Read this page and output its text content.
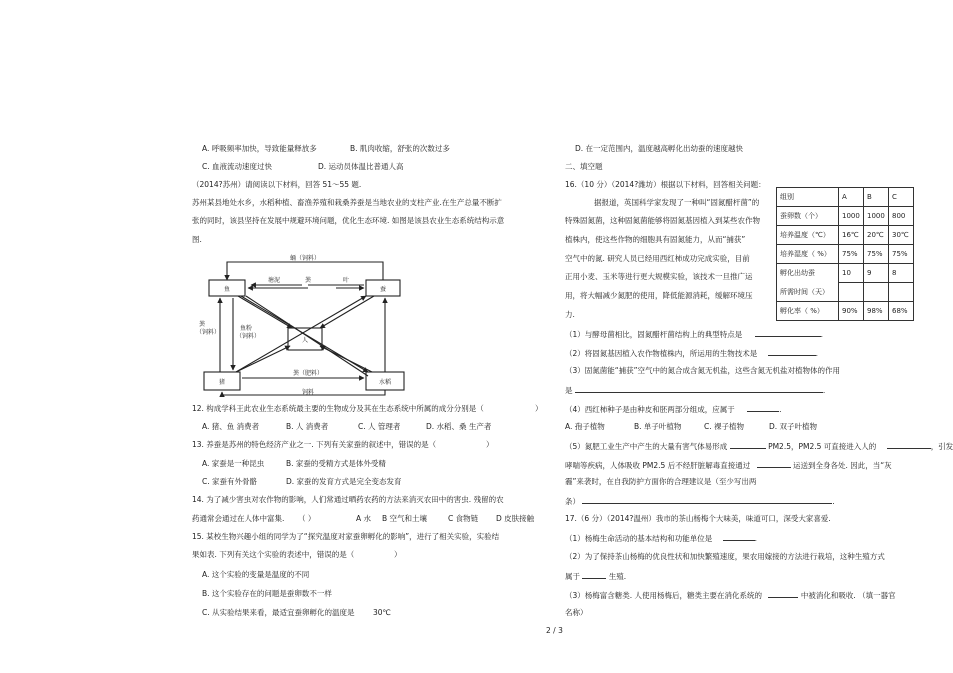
A. 呼吸频率加快，导致能量释放多	B. 肌肉收缩，舒张的次数过多
C. 血液流动速度过快	D. 运动员体温比普通人高
（2014?苏州）请阅读以下材料，回答 51～55 题.
苏州某县地处水乡，水稻种植、畜渔养殖和栽桑养蚕是当地农业的支柱产业.在生产总量不断扩
张的同时，该县坚持在发展中规避环境问题，优化生态环境. 如图是该县农业生态系统结构示意
图.
鱼	蚕
人
猪	水稻
蛹（饲料）
塘泥	粪	叶
粪
（饲料）
鱼粉
（饲料）
粪（肥料）
饲料
12. 构成学科王此农业生态系统最主要的生物成分及其在生态系统中所属的成分分别是（	）
A. 猪、鱼 消费者	B. 人 消费者	C. 人 管理者	D. 水稻、桑 生产者
13. 养蚕是苏州的特色经济产业之一. 下列有关家蚕的叙述中，错误的是（	）
A. 家蚕是一种昆虫	B. 家蚕的受精方式是体外受精
C. 家蚕有外骨骼	D. 家蚕的发育方式是完全变态发育
14. 为了减少害虫对农作物的影响，人们常通过晒药农药的方法来消灭农田中的害虫. 残留的农
药通常会通过在人体中富集. （ ）	A 水 B 空气和土壤	C 食物链 D 皮肤接触
15. 某校生物兴趣小组的同学为了“探究温度对家蚕卵孵化的影响”，进行了相关实验，实验结
果如表. 下列有关这个实验的表述中，错误的是（	）
A. 这个实验的变量是温度的不同
B. 这个实验存在的问题是蚕卵数不一样
C. 从实验结果来看，最适宜蚕卵孵化的温度是 30℃
D. 在一定范围内，温度越高孵化出幼蚕的速度越快
二、填空题
16.（10 分）（2014?潍坊）根据以下材料，回答相关问题：
据报道，英国科学家发现了一种叫“固氮醋杆菌”的
特殊固氮菌，这种固氮菌能够将固氮基因植入到某些农作物
植株内，使这些作物的细胞具有固氮能力，从而“捕获”
空气中的氮. 研究人员已经用西红柿成功完成实验，目前
正用小麦、玉米等进行更大规模实验，该技术一旦推广运
用，将大幅减少氮肥的使用，降低能源消耗，缓解环境压
力.
组别	A	B	C
蚕卵数（个）	1000	1000	800
培养温度（℃）	16℃	20℃	30℃
培养湿度（ %）	75%	75%	75%
孵化出幼蚕	10	9	8
所需时间（天）			
孵化率（ %）	90%	98%	68%
（1）与酵母菌相比，固氮醋杆菌结构上的典型特点是	.
（2）将固氮基因植入农作物植株内，所运用的生物技术是	.
（3）固氮菌能“捕获”空气中的氮合成含氮无机盐，这些含氮无机盐对植物体的作用
是	.
（4）西红柿种子是由种皮和胚两部分组成，应属于	.
A. 孢子植物	B. 单子叶植物	C. 裸子植物	D. 双子叶植物
（5）氮肥工业生产中产生的大量有害气体易形成	PM2.5，PM2.5 可直接进入人的	，引发
哮喘等疾病，人体吸收 PM2.5 后不经肝脏解毒直接通过	运送到全身各处. 因此，当“灰
霾”来袭时，在自我防护方面你的合理建议是（至少写出两
条）	.
17.（6 分）（2014?温州）我市的茶山杨梅个大味美，味道可口，深受大家喜爱.
（1）杨梅生命活动的基本结构和功能单位是	.
（2）为了保持茶山杨梅的优良性状和加快繁殖速度，果农用嫁接的方法进行栽培，这种生殖方式
属于	生殖.
（3）杨梅富含糖类. 人使用杨梅后，糖类主要在消化系统的	中被消化和吸收. （填一器官
名称）
2 / 3
